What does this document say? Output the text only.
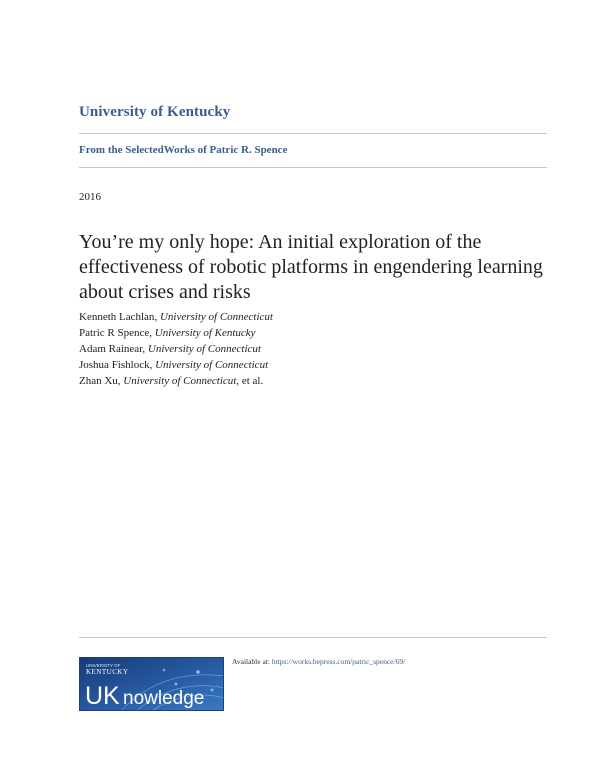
University of Kentucky
From the SelectedWorks of Patric R. Spence
2016
You’re my only hope: An initial exploration of the effectiveness of robotic platforms in engendering learning about crises and risks
Kenneth Lachlan, University of Connecticut
Patric R Spence, University of Kentucky
Adam Rainear, University of Connecticut
Joshua Fishlock, University of Connecticut
Zhan Xu, University of Connecticut, et al.
UNIVERSITY OF
KENTUCKY
UK nowledge
Available at: https://works.bepress.com/patric_spence/69/
